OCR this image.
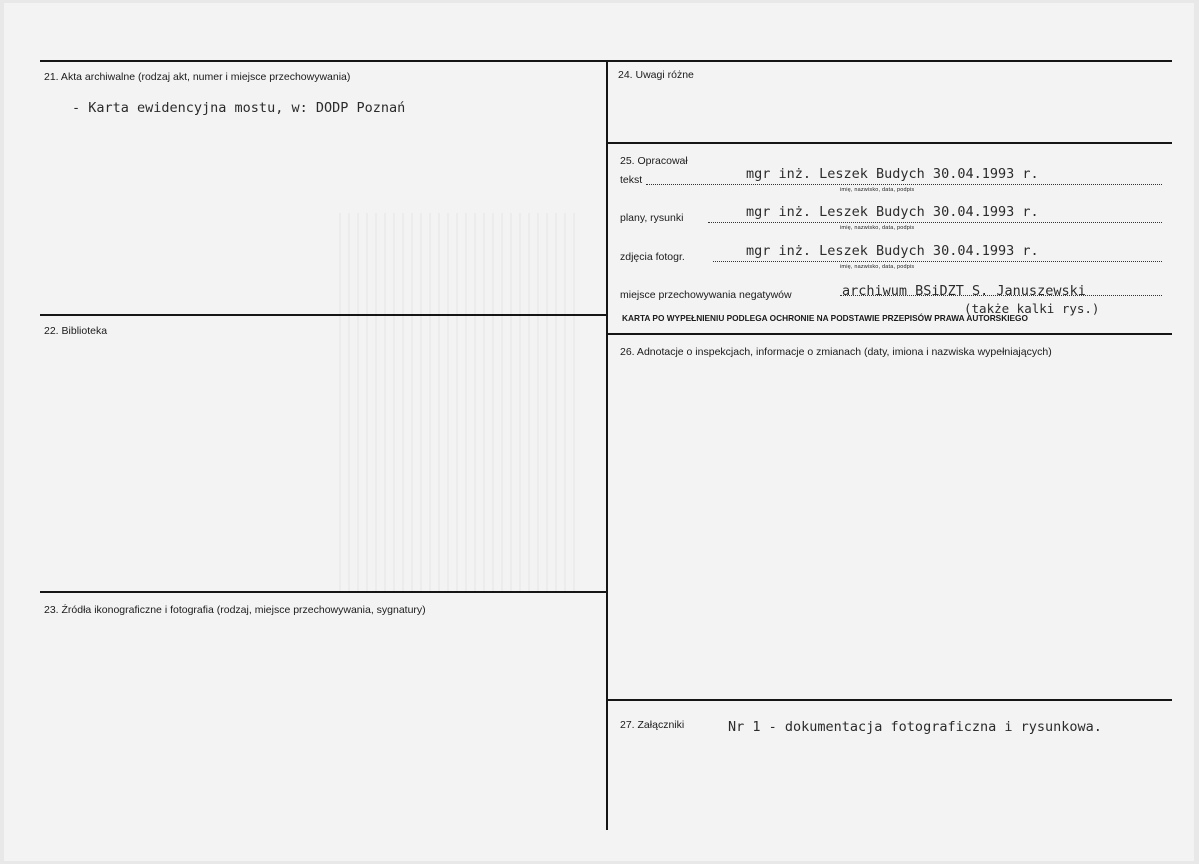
21. Akta archiwalne (rodzaj akt, numer i miejsce przechowywania)
- Karta ewidencyjna mostu, w: DODP Poznań
22. Biblioteka
23. Źródła ikonograficzne i fotografia (rodzaj, miejsce przechowywania, sygnatury)
24. Uwagi różne
25. Opracował
tekst	mgr inż. Leszek Budych 30.04.1993 r.
imię, nazwisko, data, podpis
plany, rysunki	mgr inż. Leszek Budych 30.04.1993 r.
imię, nazwisko, data, podpis
zdjęcia fotogr.	mgr inż. Leszek Budych 30.04.1993 r.
imię, nazwisko, data, podpis
miejsce przechowywania negatywów	archiwum BSiDZT S. Januszewski
(także kalki rys.)
KARTA PO WYPEŁNIENIU PODLEGA OCHRONIE NA PODSTAWIE PRZEPISÓW PRAWA AUTORSKIEGO
26. Adnotacje o inspekcjach, informacje o zmianach (daty, imiona i nazwiska wypełniających)
27. Załączniki	Nr 1 - dokumentacja fotograficzna i rysunkowa.
